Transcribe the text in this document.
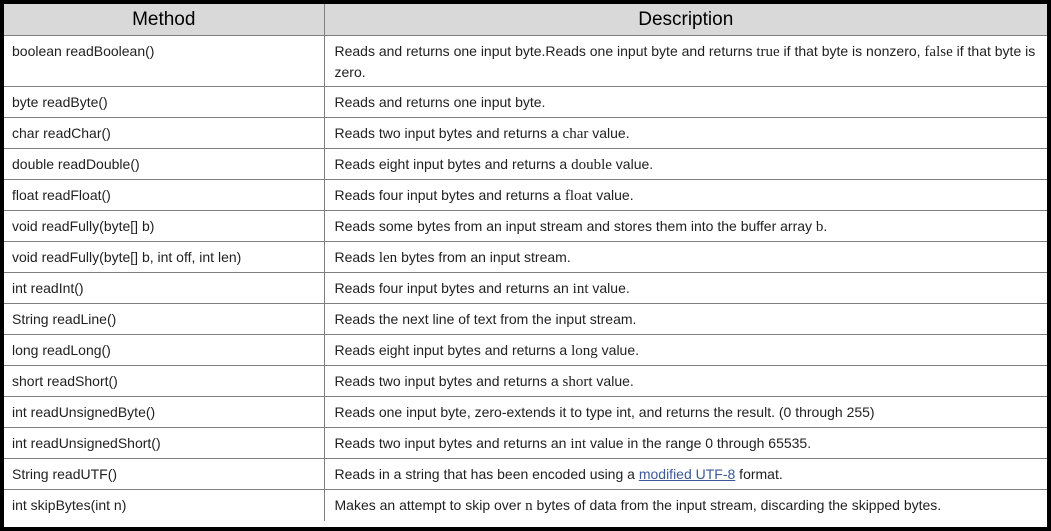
Method	Description
boolean readBoolean()	Reads and returns one input byte.Reads one input byte and returns true if that byte is nonzero, false if that byte is zero.
byte readByte()	Reads and returns one input byte.
char readChar()	Reads two input bytes and returns a char value.
double readDouble()	Reads eight input bytes and returns a double value.
float readFloat()	Reads four input bytes and returns a float value.
void readFully(byte[] b)	Reads some bytes from an input stream and stores them into the buffer array b.
void readFully(byte[] b, int off, int len)	Reads len bytes from an input stream.
int readInt()	Reads four input bytes and returns an int value.
String readLine()	Reads the next line of text from the input stream.
long readLong()	Reads eight input bytes and returns a long value.
short readShort()	Reads two input bytes and returns a short value.
int readUnsignedByte()	Reads one input byte, zero-extends it to type int, and returns the result. (0 through 255)
int readUnsignedShort()	Reads two input bytes and returns an int value in the range 0 through 65535.
String readUTF()	Reads in a string that has been encoded using a modified UTF-8 format.
int skipBytes(int n)	Makes an attempt to skip over n bytes of data from the input stream, discarding the skipped bytes.
